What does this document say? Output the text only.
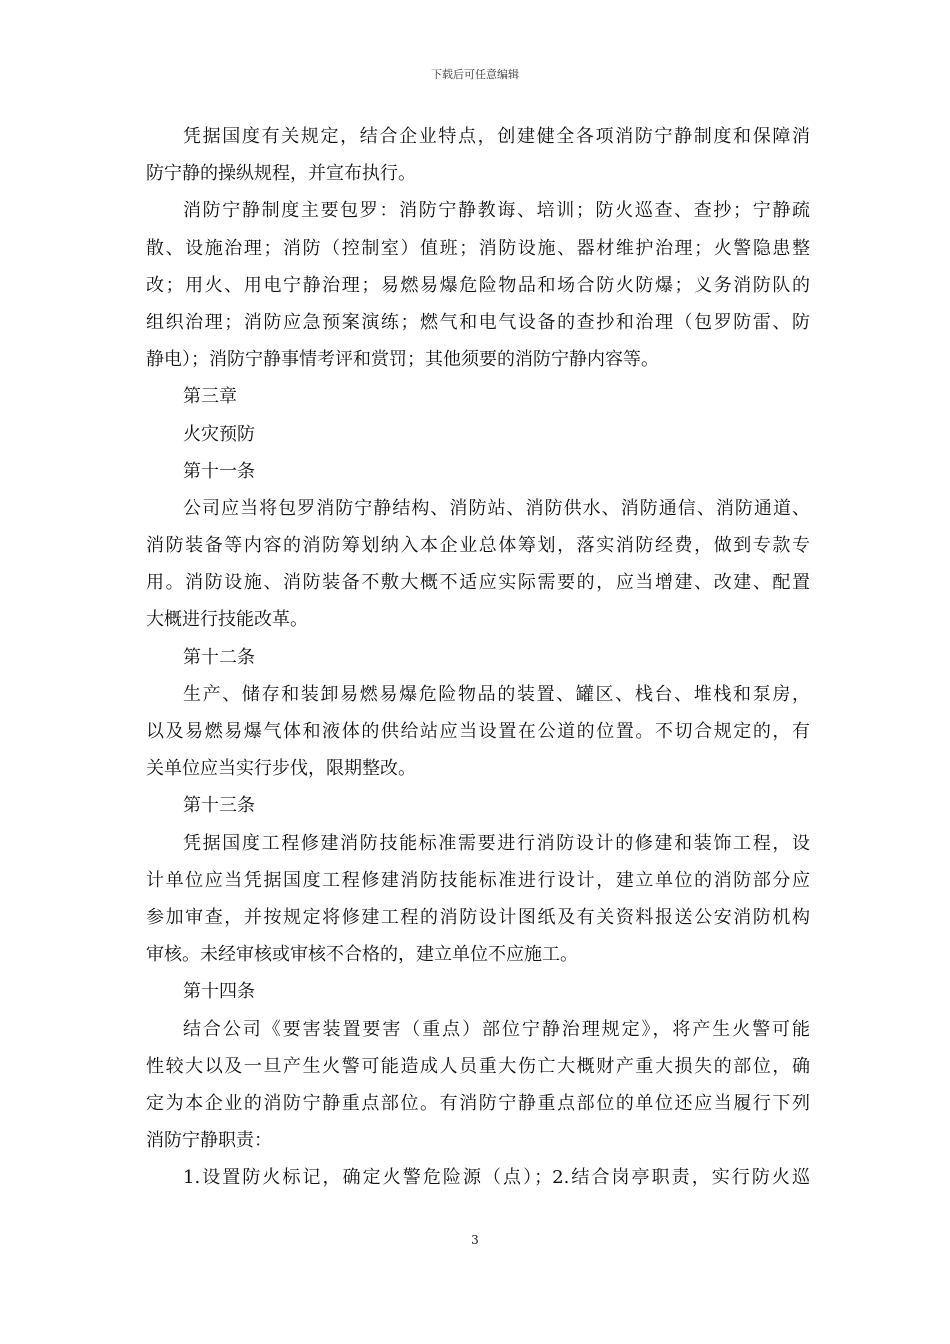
下载后可任意编辑
凭据国度有关规定，结合企业特点，创建健全各项消防宁静制度和保障消
防宁静的操纵规程，并宣布执行。
消防宁静制度主要包罗：消防宁静教诲、培训；防火巡查、查抄；宁静疏
散、设施治理；消防（控制室）值班；消防设施、器材维护治理；火警隐患整
改；用火、用电宁静治理；易燃易爆危险物品和场合防火防爆；义务消防队的
组织治理；消防应急预案演练；燃气和电气设备的查抄和治理（包罗防雷、防
静电）；消防宁静事情考评和赏罚；其他须要的消防宁静内容等。
第三章
火灾预防
第十一条
公司应当将包罗消防宁静结构、消防站、消防供水、消防通信、消防通道、
消防装备等内容的消防筹划纳入本企业总体筹划，落实消防经费，做到专款专
用。消防设施、消防装备不敷大概不适应实际需要的，应当增建、改建、配置
大概进行技能改革。
第十二条
生产、储存和装卸易燃易爆危险物品的装置、罐区、栈台、堆栈和泵房，
以及易燃易爆气体和液体的供给站应当设置在公道的位置。不切合规定的，有
关单位应当实行步伐，限期整改。
第十三条
凭据国度工程修建消防技能标准需要进行消防设计的修建和装饰工程，设
计单位应当凭据国度工程修建消防技能标准进行设计，建立单位的消防部分应
参加审查，并按规定将修建工程的消防设计图纸及有关资料报送公安消防机构
审核。未经审核或审核不合格的，建立单位不应施工。
第十四条
结合公司《要害装置要害（重点）部位宁静治理规定》，将产生火警可能
性较大以及一旦产生火警可能造成人员重大伤亡大概财产重大损失的部位，确
定为本企业的消防宁静重点部位。有消防宁静重点部位的单位还应当履行下列
消防宁静职责：
1.设置防火标记，确定火警危险源（点）；2.结合岗亭职责，实行防火巡
3
